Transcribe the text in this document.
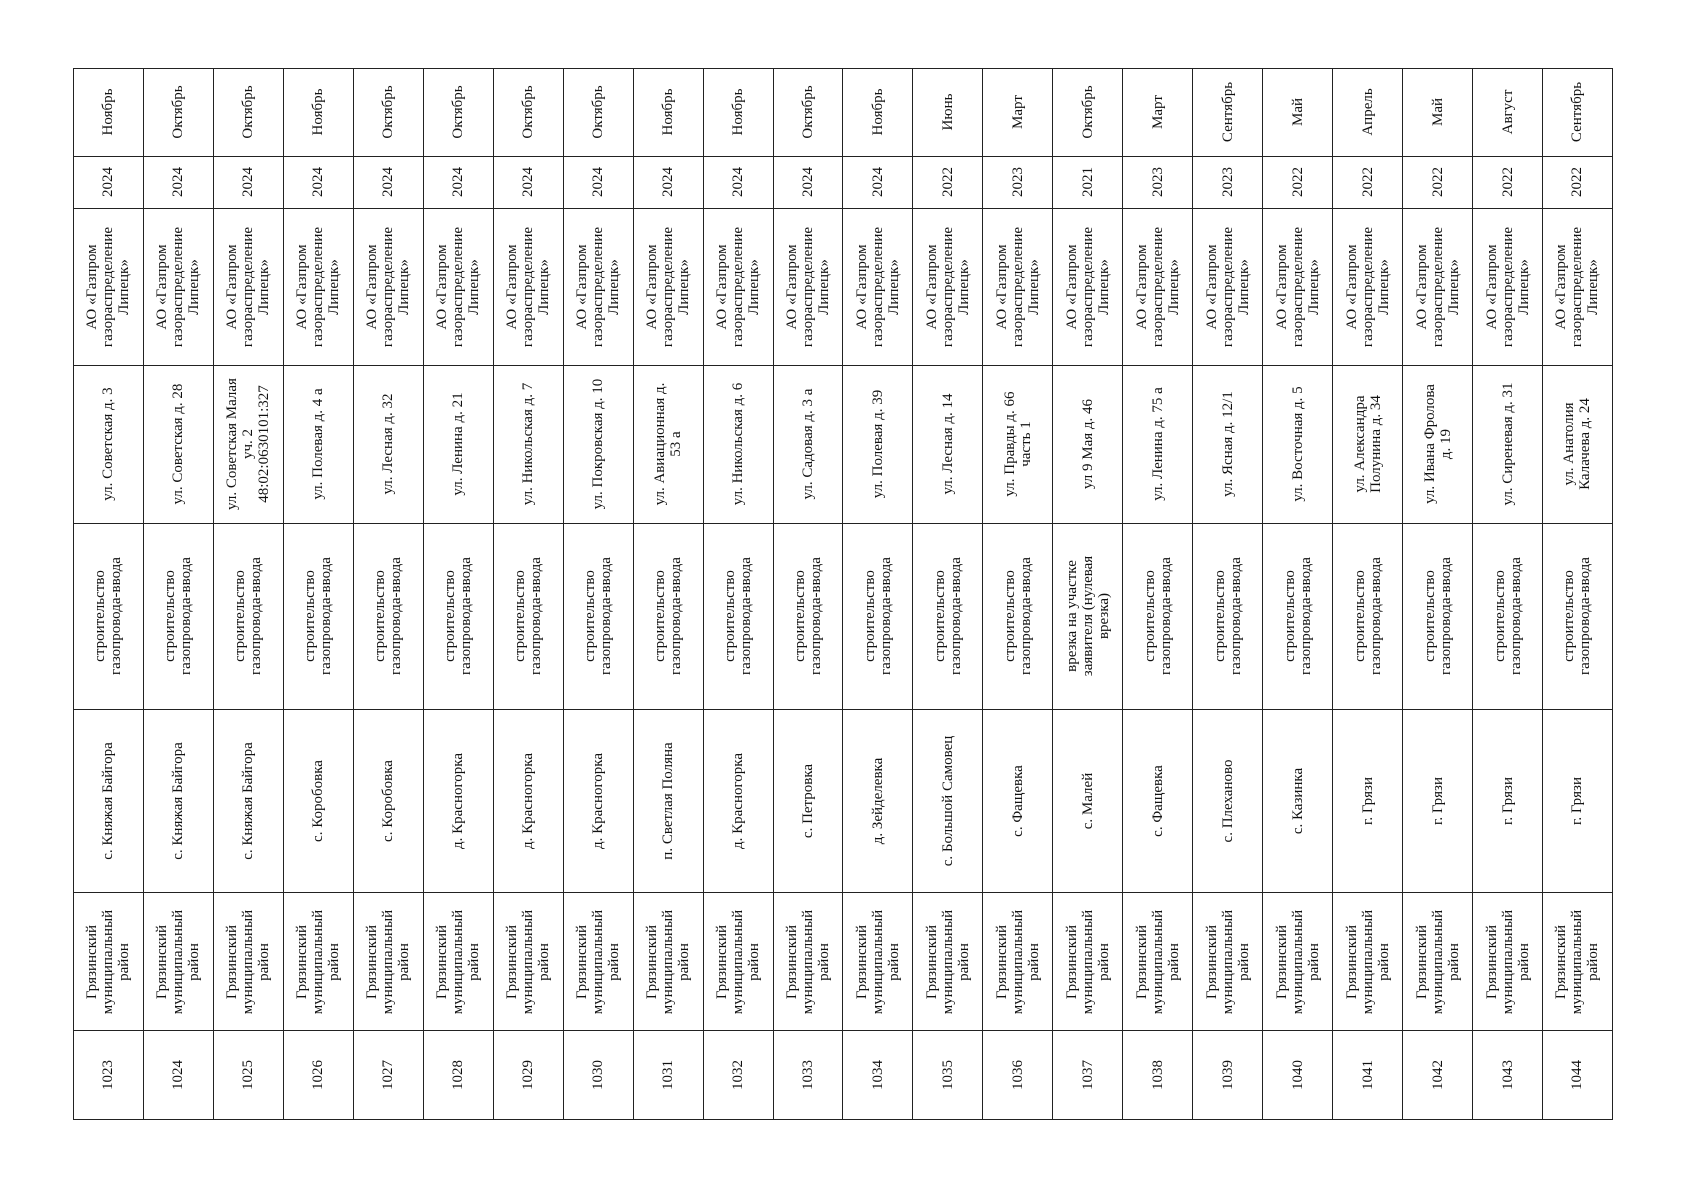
Ноябрь
2024
АО «Газпром
газораспределение
Липецк»
ул. Советская д. 3
строительство
газопровода-ввода
с. Княжая Байгора
Грязинский
муниципальный
район
1023
Октябрь
2024
АО «Газпром
газораспределение
Липецк»
ул. Советская д. 28
строительство
газопровода-ввода
с. Княжая Байгора
Грязинский
муниципальный
район
1024
Октябрь
2024
АО «Газпром
газораспределение
Липецк»
ул. Советская Малая
уч. 2
48:02:0630101:327
строительство
газопровода-ввода
с. Княжая Байгора
Грязинский
муниципальный
район
1025
Ноябрь
2024
АО «Газпром
газораспределение
Липецк»
ул. Полевая д. 4 а
строительство
газопровода-ввода
с. Коробовка
Грязинский
муниципальный
район
1026
Октябрь
2024
АО «Газпром
газораспределение
Липецк»
ул. Лесная д. 32
строительство
газопровода-ввода
с. Коробовка
Грязинский
муниципальный
район
1027
Октябрь
2024
АО «Газпром
газораспределение
Липецк»
ул. Ленина д. 21
строительство
газопровода-ввода
д. Красногорка
Грязинский
муниципальный
район
1028
Октябрь
2024
АО «Газпром
газораспределение
Липецк»
ул. Никольская д. 7
строительство
газопровода-ввода
д. Красногорка
Грязинский
муниципальный
район
1029
Октябрь
2024
АО «Газпром
газораспределение
Липецк»
ул. Покровская д. 10
строительство
газопровода-ввода
д. Красногорка
Грязинский
муниципальный
район
1030
Ноябрь
2024
АО «Газпром
газораспределение
Липецк»
ул. Авиационная д.
53 а
строительство
газопровода-ввода
п. Светлая Поляна
Грязинский
муниципальный
район
1031
Ноябрь
2024
АО «Газпром
газораспределение
Липецк»
ул. Никольская д. 6
строительство
газопровода-ввода
д. Красногорка
Грязинский
муниципальный
район
1032
Октябрь
2024
АО «Газпром
газораспределение
Липецк»
ул. Садовая д. 3 а
строительство
газопровода-ввода
с. Петровка
Грязинский
муниципальный
район
1033
Ноябрь
2024
АО «Газпром
газораспределение
Липецк»
ул. Полевая д. 39
строительство
газопровода-ввода
д. Зейделевка
Грязинский
муниципальный
район
1034
Июнь
2022
АО «Газпром
газораспределение
Липецк»
ул. Лесная д. 14
строительство
газопровода-ввода
с. Большой Самовец
Грязинский
муниципальный
район
1035
Март
2023
АО «Газпром
газораспределение
Липецк»
ул. Правды д. 66
часть 1
строительство
газопровода-ввода
с. Фащевка
Грязинский
муниципальный
район
1036
Октябрь
2021
АО «Газпром
газораспределение
Липецк»
ул 9 Мая д. 46
врезка на участке
заявителя (нулевая
врезка)
с. Малей
Грязинский
муниципальный
район
1037
Март
2023
АО «Газпром
газораспределение
Липецк»
ул. Ленина д. 75 а
строительство
газопровода-ввода
с. Фащевка
Грязинский
муниципальный
район
1038
Сентябрь
2023
АО «Газпром
газораспределение
Липецк»
ул. Ясная д. 12/1
строительство
газопровода-ввода
с. Плеханово
Грязинский
муниципальный
район
1039
Май
2022
АО «Газпром
газораспределение
Липецк»
ул. Восточная д. 5
строительство
газопровода-ввода
с. Казинка
Грязинский
муниципальный
район
1040
Апрель
2022
АО «Газпром
газораспределение
Липецк»
ул. Александра
Полунина д. 34
строительство
газопровода-ввода
г. Грязи
Грязинский
муниципальный
район
1041
Май
2022
АО «Газпром
газораспределение
Липецк»
ул. Ивана Фролова
д. 19
строительство
газопровода-ввода
г. Грязи
Грязинский
муниципальный
район
1042
Август
2022
АО «Газпром
газораспределение
Липецк»
ул. Сиреневая д. 31
строительство
газопровода-ввода
г. Грязи
Грязинский
муниципальный
район
1043
Сентябрь
2022
АО «Газпром
газораспределение
Липецк»
ул. Анатолия
Калачева д. 24
строительство
газопровода-ввода
г. Грязи
Грязинский
муниципальный
район
1044
